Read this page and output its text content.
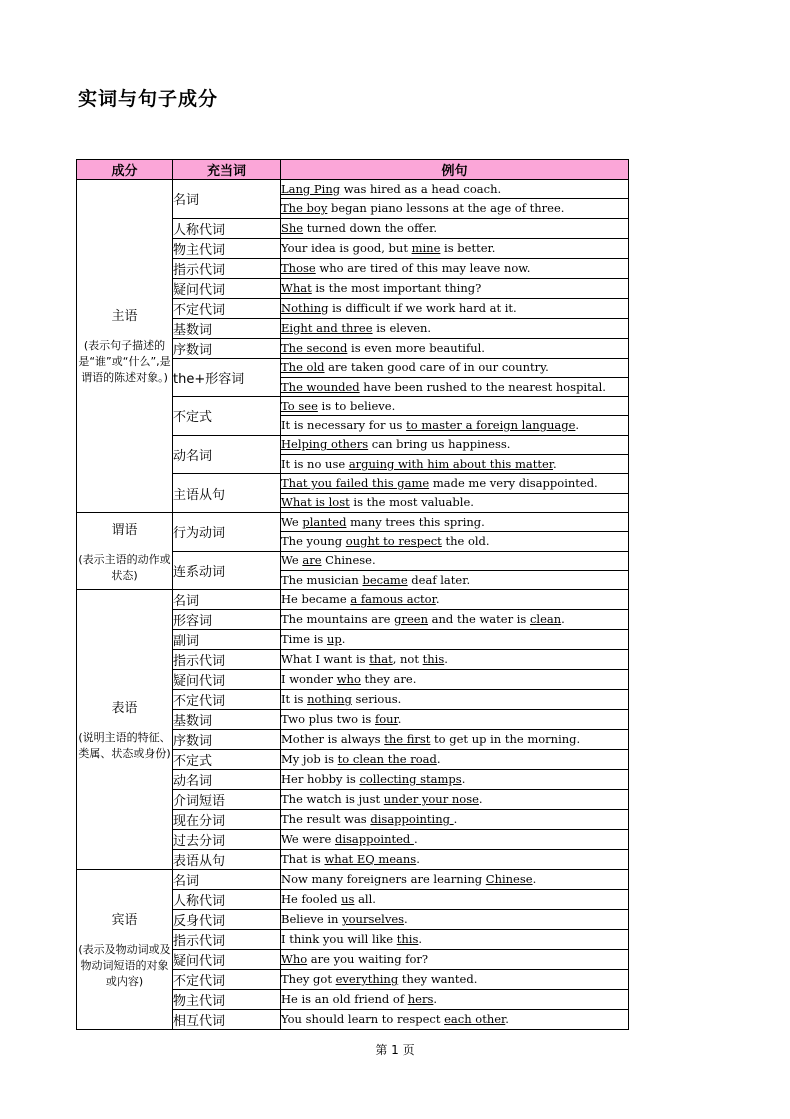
实词与句子成分
成分	充当词	例句

主语
(表示句子描述的是“谁”或“什么”,是谓语的陈述对象。)	名词	Lang Ping was hired as a head coach.
		The boy began piano lessons at the age of three.
	人称代词	She turned down the offer.
	物主代词	Your idea is good, but mine is better.
	指示代词	Those who are tired of this may leave now.
	疑问代词	What is the most important thing?
	不定代词	Nothing is difficult if we work hard at it.
	基数词	Eight and three is eleven.
	序数词	The second is even more beautiful.
	the+形容词	The old are taken good care of in our country.
		The wounded have been rushed to the nearest hospital.
	不定式	To see is to believe.
		It is necessary for us to master a foreign language.
	动名词	Helping others can bring us happiness.
		It is no use arguing with him about this matter.
	主语从句	That you failed this game made me very disappointed.
		What is lost is the most valuable.

谓语
(表示主语的动作或状态)	行为动词	We planted many trees this spring.
		The young ought to respect the old.
	连系动词	We are Chinese.
		The musician became deaf later.

表语
(说明主语的特征、类属、状态或身份)	名词	He became a famous actor.
	形容词	The mountains are green and the water is clean.
	副词	Time is up.
	指示代词	What I want is that, not this.
	疑问代词	I wonder who they are.
	不定代词	It is nothing serious.
	基数词	Two plus two is four.
	序数词	Mother is always the first to get up in the morning.
	不定式	My job is to clean the road.
	动名词	Her hobby is collecting stamps.
	介词短语	The watch is just under your nose.
	现在分词	The result was disappointing .
	过去分词	We were disappointed .
	表语从句	That is what EQ means.

宾语
(表示及物动词或及物动词短语的对象或内容)	名词	Now many foreigners are learning Chinese.
	人称代词	He fooled us all.
	反身代词	Believe in yourselves.
	指示代词	I think you will like this.
	疑问代词	Who are you waiting for?
	不定代词	They got everything they wanted.
	物主代词	He is an old friend of hers.
	相互代词	You should learn to respect each other.
第 1 页
